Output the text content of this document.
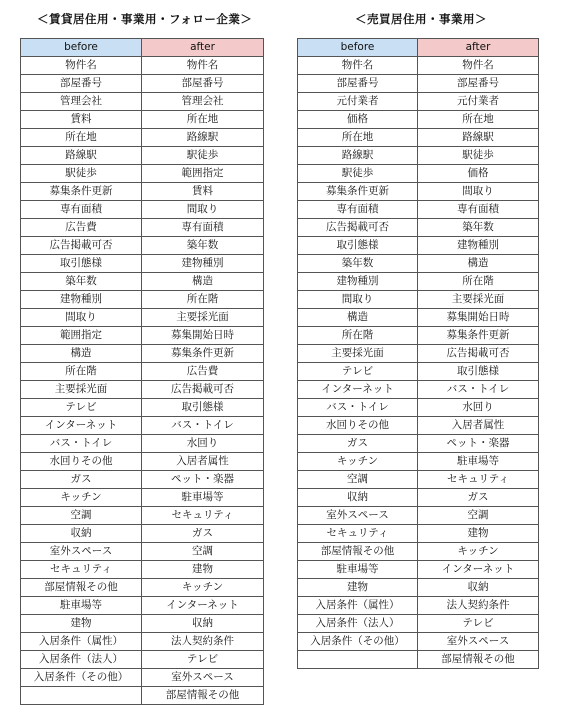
＜賃貸居住用・事業用・フォロー企業＞
before	after
物件名	物件名
部屋番号	部屋番号
管理会社	管理会社
賃料	所在地
所在地	路線駅
路線駅	駅徒歩
駅徒歩	範囲指定
募集条件更新	賃料
専有面積	間取り
広告費	専有面積
広告掲載可否	築年数
取引態様	建物種別
築年数	構造
建物種別	所在階
間取り	主要採光面
範囲指定	募集開始日時
構造	募集条件更新
所在階	広告費
主要採光面	広告掲載可否
テレビ	取引態様
インターネット	バス・トイレ
バス・トイレ	水回り
水回りその他	入居者属性
ガス	ペット・楽器
キッチン	駐車場等
空調	セキュリティ
収納	ガス
室外スペース	空調
セキュリティ	建物
部屋情報その他	キッチン
駐車場等	インターネット
建物	収納
入居条件（属性）	法人契約条件
入居条件（法人）	テレビ
入居条件（その他）	室外スペース
	部屋情報その他
＜売買居住用・事業用＞
before	after
物件名	物件名
部屋番号	部屋番号
元付業者	元付業者
価格	所在地
所在地	路線駅
路線駅	駅徒歩
駅徒歩	価格
募集条件更新	間取り
専有面積	専有面積
広告掲載可否	築年数
取引態様	建物種別
築年数	構造
建物種別	所在階
間取り	主要採光面
構造	募集開始日時
所在階	募集条件更新
主要採光面	広告掲載可否
テレビ	取引態様
インターネット	バス・トイレ
バス・トイレ	水回り
水回りその他	入居者属性
ガス	ペット・楽器
キッチン	駐車場等
空調	セキュリティ
収納	ガス
室外スペース	空調
セキュリティ	建物
部屋情報その他	キッチン
駐車場等	インターネット
建物	収納
入居条件（属性）	法人契約条件
入居条件（法人）	テレビ
入居条件（その他）	室外スペース
	部屋情報その他
